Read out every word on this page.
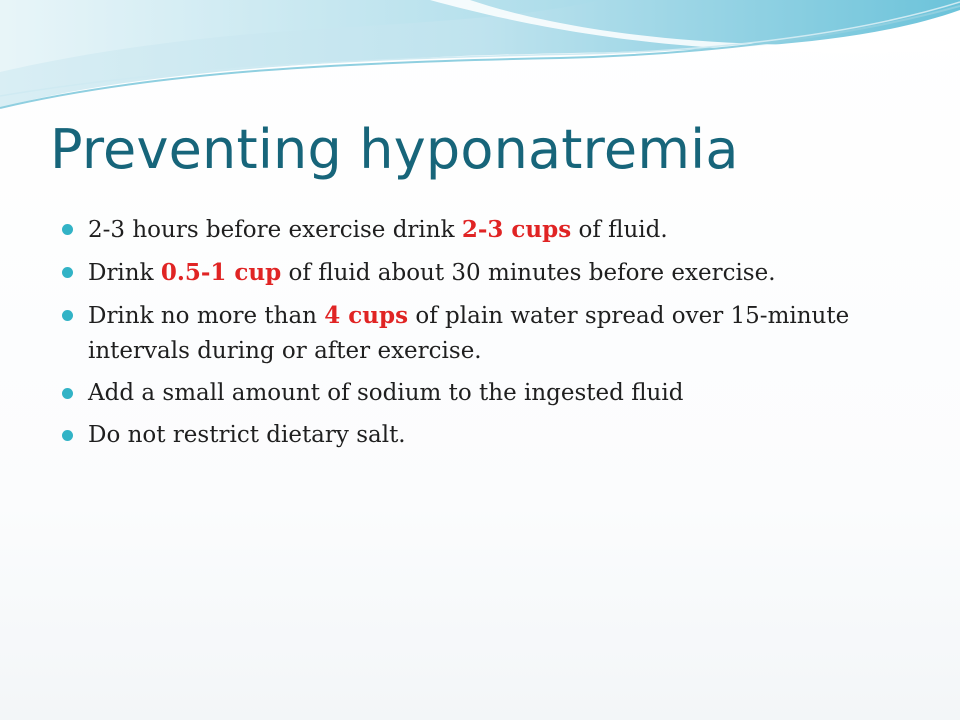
Preventing hyponatremia
2-3 hours before exercise drink 2-3 cups of fluid.
Drink 0.5-1 cup of fluid about 30 minutes before exercise.
Drink no more than 4 cups of plain water spread over 15-minute intervals during or after exercise.
Add a small amount of sodium to the ingested fluid
Do not restrict dietary salt.
